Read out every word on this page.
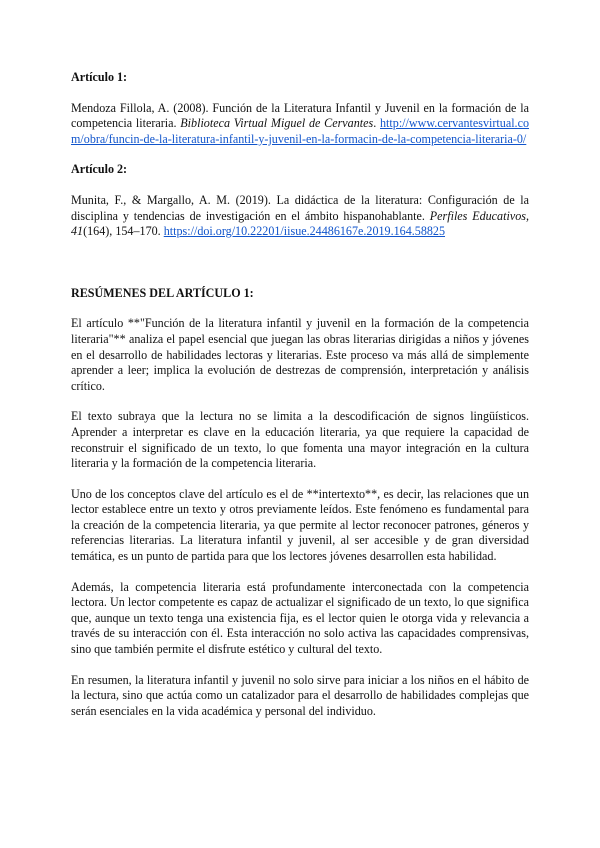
Artículo 1:

Mendoza Fillola, A. (2008). Función de la Literatura Infantil y Juvenil en la formación de la competencia literaria. Biblioteca Virtual Miguel de Cervantes. http://www.cervantesvirtual.com/obra/funcin-de-la-literatura-infantil-y-juvenil-en-la-formacin-de-la-competencia-literaria-0/

Artículo 2:

Munita, F., & Margallo, A. M. (2019). La didáctica de la literatura: Configuración de la disciplina y tendencias de investigación en el ámbito hispanohablante. Perfiles Educativos, 41(164), 154–170. https://doi.org/10.22201/iisue.24486167e.2019.164.58825

RESÚMENES DEL ARTÍCULO 1:

El artículo **"Función de la literatura infantil y juvenil en la formación de la competencia literaria"** analiza el papel esencial que juegan las obras literarias dirigidas a niños y jóvenes en el desarrollo de habilidades lectoras y literarias. Este proceso va más allá de simplemente aprender a leer; implica la evolución de destrezas de comprensión, interpretación y análisis crítico.

El texto subraya que la lectura no se limita a la descodificación de signos lingüísticos. Aprender a interpretar es clave en la educación literaria, ya que requiere la capacidad de reconstruir el significado de un texto, lo que fomenta una mayor integración en la cultura literaria y la formación de la competencia literaria.

Uno de los conceptos clave del artículo es el de **intertexto**, es decir, las relaciones que un lector establece entre un texto y otros previamente leídos. Este fenómeno es fundamental para la creación de la competencia literaria, ya que permite al lector reconocer patrones, géneros y referencias literarias. La literatura infantil y juvenil, al ser accesible y de gran diversidad temática, es un punto de partida para que los lectores jóvenes desarrollen esta habilidad.

Además, la competencia literaria está profundamente interconectada con la competencia lectora. Un lector competente es capaz de actualizar el significado de un texto, lo que significa que, aunque un texto tenga una existencia fija, es el lector quien le otorga vida y relevancia a través de su interacción con él. Esta interacción no solo activa las capacidades comprensivas, sino que también permite el disfrute estético y cultural del texto.

En resumen, la literatura infantil y juvenil no solo sirve para iniciar a los niños en el hábito de la lectura, sino que actúa como un catalizador para el desarrollo de habilidades complejas que serán esenciales en la vida académica y personal del individuo.
